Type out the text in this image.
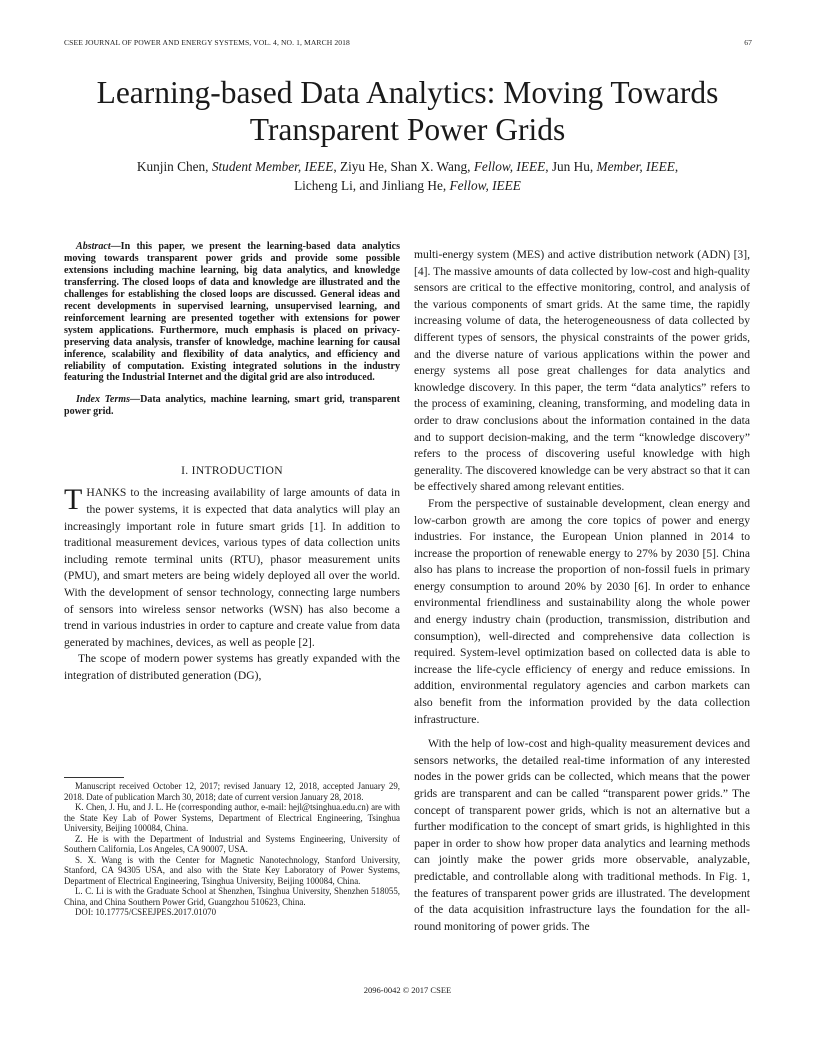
CSEE JOURNAL OF POWER AND ENERGY SYSTEMS, VOL. 4, NO. 1, MARCH 2018	67
Learning-based Data Analytics: Moving Towards
Transparent Power Grids
Kunjin Chen, Student Member, IEEE, Ziyu He, Shan X. Wang, Fellow, IEEE, Jun Hu, Member, IEEE,
Licheng Li, and Jinliang He, Fellow, IEEE

Abstract—In this paper, we present the learning-based data analytics moving towards transparent power grids and provide some possible extensions including machine learning, big data analytics, and knowledge transferring. The closed loops of data and knowledge are illustrated and the challenges for establishing the closed loops are discussed. General ideas and recent developments in supervised learning, unsupervised learning, and reinforcement learning are presented together with extensions for power system applications. Furthermore, much emphasis is placed on privacy-preserving data analysis, transfer of knowledge, machine learning for causal inference, scalability and flexibility of data analytics, and efficiency and reliability of computation. Existing integrated solutions in the industry featuring the Industrial Internet and the digital grid are also introduced.

Index Terms—Data analytics, machine learning, smart grid, transparent power grid.

I. INTRODUCTION

THANKS to the increasing availability of large amounts of data in the power systems, it is expected that data analytics will play an increasingly important role in future smart grids [1]. In addition to traditional measurement devices, various types of data collection units including remote terminal units (RTU), phasor measurement units (PMU), and smart meters are being widely deployed all over the world. With the development of sensor technology, connecting large numbers of sensors into wireless sensor networks (WSN) has also become a trend in various industries in order to capture and create value from data generated by machines, devices, as well as people [2].

The scope of modern power systems has greatly expanded with the integration of distributed generation (DG),

Manuscript received October 12, 2017; revised January 12, 2018, accepted January 29, 2018. Date of publication March 30, 2018; date of current version January 28, 2018.

K. Chen, J. Hu, and J. L. He (corresponding author, e-mail: hejl@tsinghua.edu.cn) are with the State Key Lab of Power Systems, Department of Electrical Engineering, Tsinghua University, Beijing 100084, China.

Z. He is with the Department of Industrial and Systems Engineering, University of Southern California, Los Angeles, CA 90007, USA.

S. X. Wang is with the Center for Magnetic Nanotechnology, Stanford University, Stanford, CA 94305 USA, and also with the State Key Laboratory of Power Systems, Department of Electrical Engineering, Tsinghua University, Beijing 100084, China.

L. C. Li is with the Graduate School at Shenzhen, Tsinghua University, Shenzhen 518055, China, and China Southern Power Grid, Guangzhou 510623, China.

DOI: 10.17775/CSEEJPES.2017.01070

multi-energy system (MES) and active distribution network (ADN) [3], [4]. The massive amounts of data collected by low-cost and high-quality sensors are critical to the effective monitoring, control, and analysis of the various components of smart grids. At the same time, the rapidly increasing volume of data, the heterogeneousness of data collected by different types of sensors, the physical constraints of the power grids, and the diverse nature of various applications within the power and energy systems all pose great challenges for data analytics and knowledge discovery. In this paper, the term “data analytics” refers to the process of examining, cleaning, transforming, and modeling data in order to draw conclusions about the information contained in the data and to support decision-making, and the term “knowledge discovery” refers to the process of discovering useful knowledge with high generality. The discovered knowledge can be very abstract so that it can be effectively shared among relevant entities.

From the perspective of sustainable development, clean energy and low-carbon growth are among the core topics of power and energy industries. For instance, the European Union planned in 2014 to increase the proportion of renewable energy to 27% by 2030 [5]. China also has plans to increase the proportion of non-fossil fuels in primary energy consumption to around 20% by 2030 [6]. In order to enhance environmental friendliness and sustainability along the whole power and energy industry chain (production, transmission, distribution and consumption), well-directed and comprehensive data collection is required. System-level optimization based on collected data is able to increase the life-cycle efficiency of energy and reduce emissions. In addition, environmental regulatory agencies and carbon markets can also benefit from the information provided by the data collection infrastructure.

With the help of low-cost and high-quality measurement devices and sensors networks, the detailed real-time information of any interested nodes in the power grids can be collected, which means that the power grids are transparent and can be called “transparent power grids.” The concept of transparent power grids, which is not an alternative but a further modification to the concept of smart grids, is highlighted in this paper in order to show how proper data analytics and learning methods can jointly make the power grids more observable, analyzable, predictable, and controllable along with traditional methods. In Fig. 1, the features of transparent power grids are illustrated. The development of the data acquisition infrastructure lays the foundation for the all-round monitoring of power grids. The

2096-0042 © 2017 CSEE
